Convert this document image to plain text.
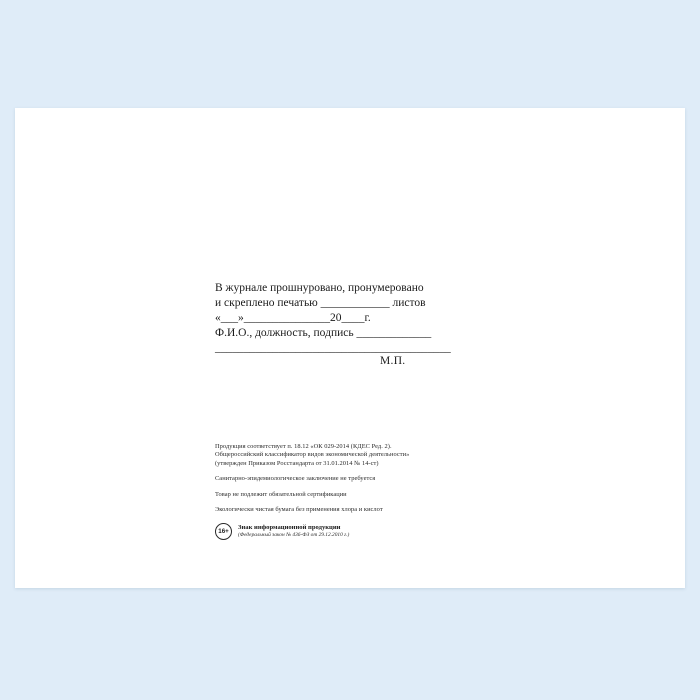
В журнале прошнуровано, пронумеровано
и скреплено печатью ____________ листов
«___»_______________20____г.
Ф.И.О., должность, подпись _____________
_________________________________________
М.П.
Продукция соответствует п. 18.12 «ОК 029-2014 (КДЕС Ред. 2).
Общероссийский классификатор видов экономической деятельности»
(утвержден Приказом Росстандарта от 31.01.2014 № 14-ст)
Санитарно-эпидемиологическое заключение не требуется
Товар не подлежит обязательной сертификации
Экологически чистая бумага без применения хлора и кислот
16+
Знак информационной продукции
(Федеральный закон № 436-ФЗ от 29.12.2010 г.)
